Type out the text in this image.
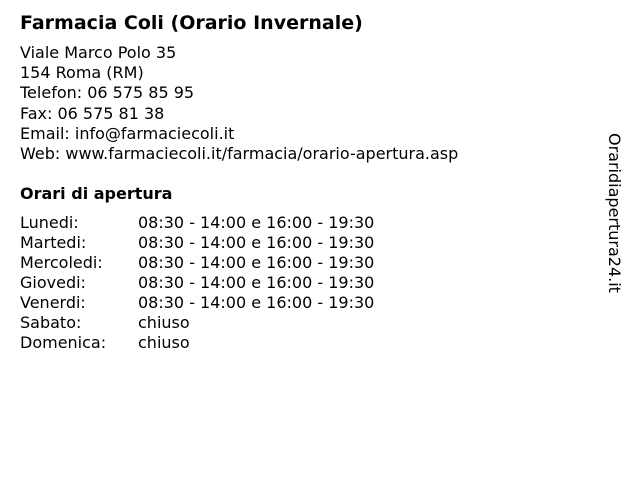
Farmacia Coli (Orario Invernale)
Viale Marco Polo 35
154 Roma (RM)
Telefon: 06 575 85 95
Fax: 06 575 81 38
Email: info@farmaciecoli.it
Web: www.farmaciecoli.it/farmacia/orario-apertura.asp
Orari di apertura
Lunedi:	08:30 - 14:00 e 16:00 - 19:30
Martedi:	08:30 - 14:00 e 16:00 - 19:30
Mercoledi: 08:30 - 14:00 e 16:00 - 19:30
Giovedi:	08:30 - 14:00 e 16:00 - 19:30
Venerdi:	08:30 - 14:00 e 16:00 - 19:30
Sabato:	chiuso
Domenica: chiuso
Oraridiapertura24.it
